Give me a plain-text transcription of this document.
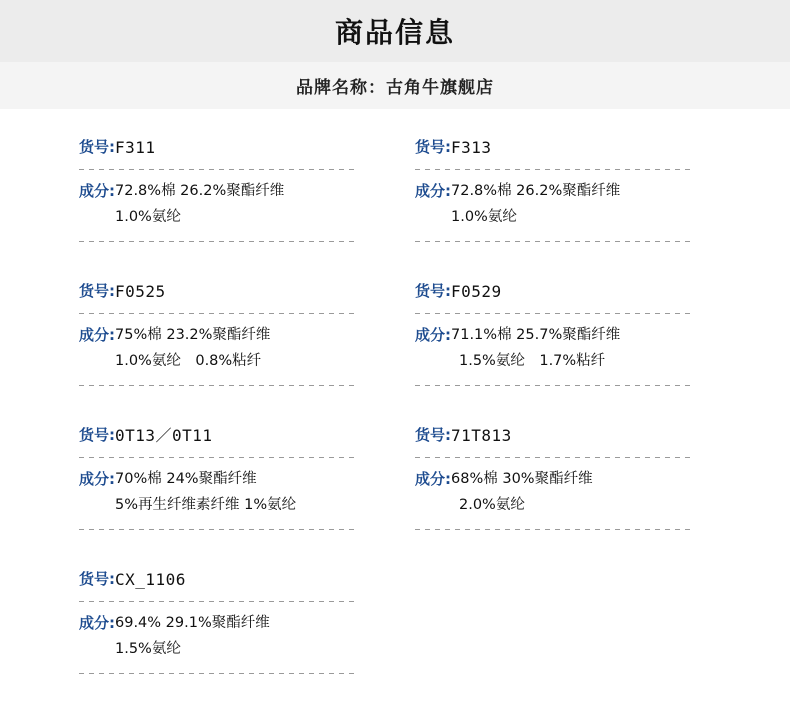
商品信息
品牌名称：古角牛旗舰店
货号: F311
成分: 72.8%棉 26.2%聚酯纤维
1.0%氨纶
货号: F313
成分: 72.8%棉 26.2%聚酯纤维
1.0%氨纶
货号: F0525
成分: 75%棉 23.2%聚酯纤维
1.0%氨纶　0.8%粘纤
货号: F0529
成分: 71.1%棉 25.7%聚酯纤维
1.5%氨纶　1.7%粘纤
货号: 0T13／0T11
成分: 70%棉 24%聚酯纤维
5%再生纤维素纤维 1%氨纶
货号: 71T813
成分: 68%棉 30%聚酯纤维
2.0%氨纶
货号: CX_1106
成分: 69.4% 29.1%聚酯纤维
1.5%氨纶
